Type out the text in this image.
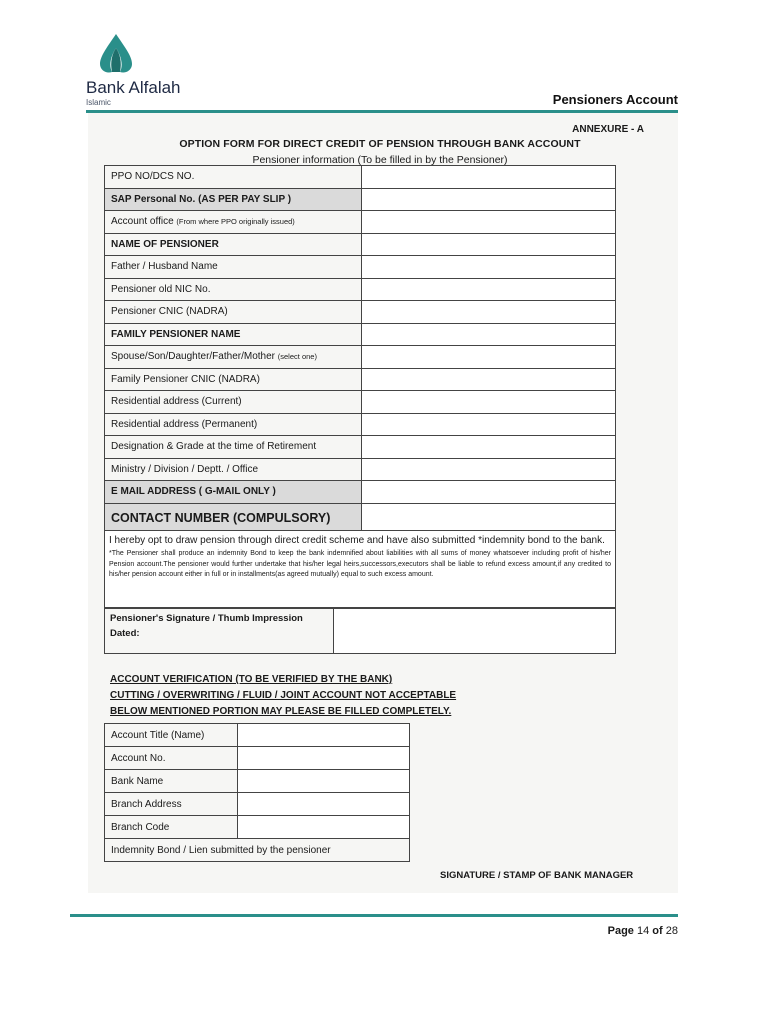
Bank Alfalah
Islamic	Pensioners Account
ANNEXURE - A
OPTION FORM FOR DIRECT CREDIT OF PENSION THROUGH BANK ACCOUNT
Pensioner information (To be filled in by the Pensioner)
PPO NO/DCS NO.	
SAP Personal No. (AS PER PAY SLIP )	
Account office (From where PPO originally issued)	
NAME OF PENSIONER	
Father / Husband Name	
Pensioner old NIC No.	
Pensioner CNIC (NADRA)	
FAMILY PENSIONER NAME	
Spouse/Son/Daughter/Father/Mother (select one)	
Family Pensioner CNIC (NADRA)	
Residential address (Current)	
Residential address (Permanent)	
Designation & Grade at the time of Retirement	
Ministry / Division / Deptt. / Office	
E MAIL ADDRESS ( G-MAIL ONLY )	
CONTACT NUMBER (COMPULSORY)	
I hereby opt to draw pension through direct credit scheme and have also submitted *indemnity bond to the bank.
*The Pensioner shall produce an indemnity Bond to keep the bank indemnified about liabilities with all sums of money whatsoever including profit of his/her Pension account.The pensioner would further undertake that his/her legal heirs,successors,executors shall be liable to refund excess amount,if any credited to his/her pension account either in full or in installments(as agreed mutually) equal to such excess amount.
Pensioner's Signature / Thumb Impression
Dated:

ACCOUNT VERIFICATION (TO BE VERIFIED BY THE BANK)
CUTTING / OVERWRITING / FLUID / JOINT ACCOUNT NOT ACCEPTABLE
BELOW MENTIONED PORTION MAY PLEASE BE FILLED COMPLETELY.
Account Title (Name)	
Account No.	
Bank Name	
Branch Address	
Branch Code	
Indemnity Bond / Lien submitted by the pensioner	
SIGNATURE / STAMP OF BANK MANAGER
Page 14 of 28
